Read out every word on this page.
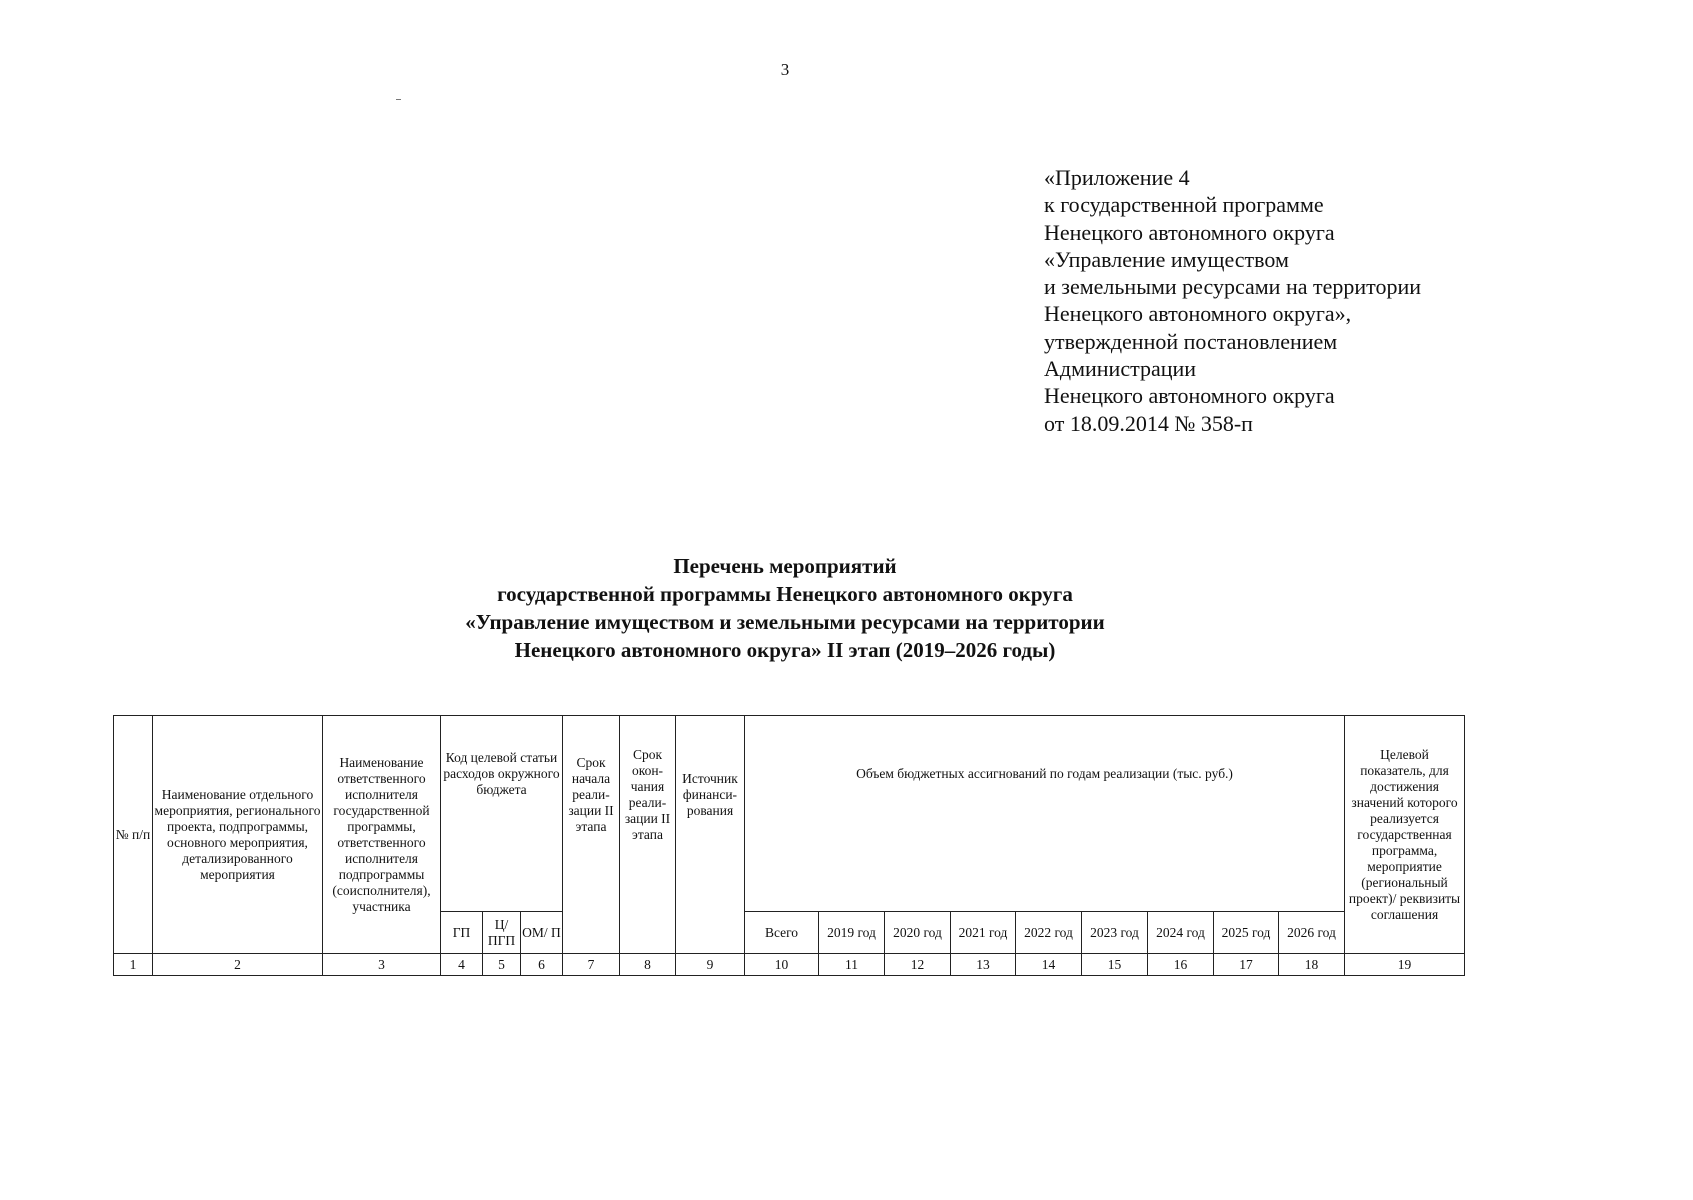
3
«Приложение 4
к государственной программе
Ненецкого автономного округа
«Управление имуществом
и земельными ресурсами на территории
Ненецкого автономного округа»,
утвержденной постановлением
Администрации
Ненецкого автономного округа
от 18.09.2014 № 358-п
Перечень мероприятий
государственной программы Ненецкого автономного округа
«Управление имуществом и земельными ресурсами на территории
Ненецкого автономного округа» II этап (2019–2026 годы)
№ п/п	Наименование отдельного мероприятия, регионального проекта, подпрограммы, основного мероприятия, детализированного мероприятия	Наименование ответственного исполнителя государственной программы, ответственного исполнителя подпрограммы (соисполнителя), участника	Код целевой статьи расходов окружного бюджета			Срок начала реали-зации II этапа	Срок окон-чания реали-зации II этапа	Источник финанси-рования	Объем бюджетных ассигнований по годам реализации (тыс. руб.)									Целевой показатель, для достижения значений которого реализуется государственная программа, мероприятие (региональный проект)/ реквизиты соглашения
			ГП	Ц/ ПГП	ОМ/ П				Всего	2019 год	2020 год	2021 год	2022 год	2023 год	2024 год	2025 год	2026 год	
1	2	3	4	5	6	7	8	9	10	11	12	13	14	15	16	17	18	19
